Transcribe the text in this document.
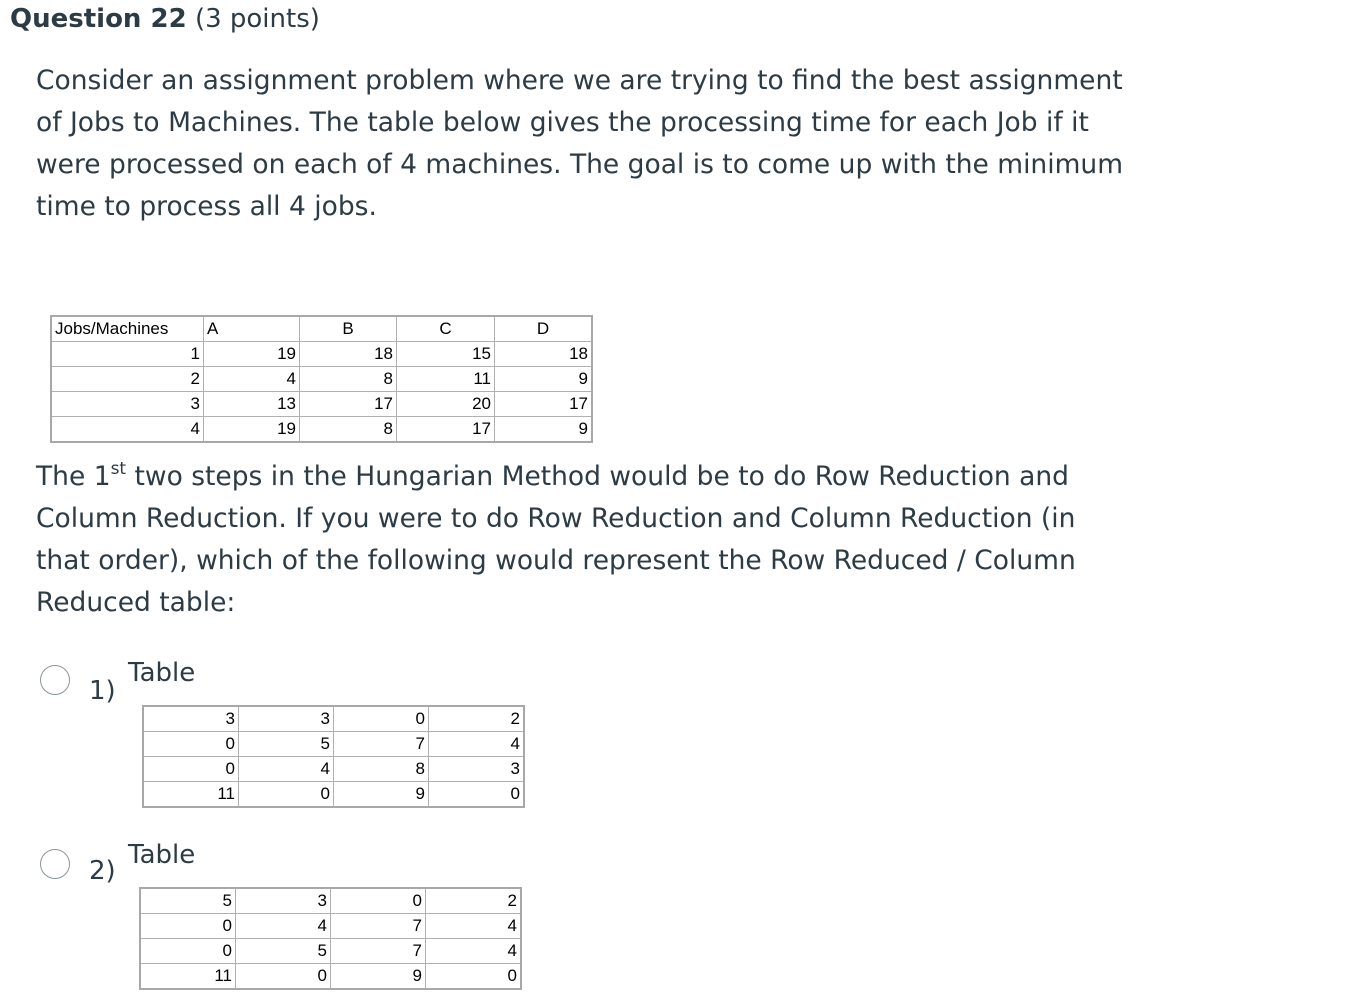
Question 22 (3 points)

Consider an assignment problem where we are trying to find the best assignment of Jobs to Machines. The table below gives the processing time for each Job if it were processed on each of 4 machines. The goal is to come up with the minimum time to process all 4 jobs.

Jobs/Machines	A	B	C	D
1	19	18	15	18
2	4	8	11	9
3	13	17	20	17
4	19	8	17	9

The 1st two steps in the Hungarian Method would be to do Row Reduction and Column Reduction. If you were to do Row Reduction and Column Reduction (in that order), which of the following would represent the Row Reduced / Column Reduced table:

1)
Table
3	3	0	2
0	5	7	4
0	4	8	3
11	0	9	0
2)
Table
5	3	0	2
0	4	7	4
0	5	7	4
11	0	9	0
